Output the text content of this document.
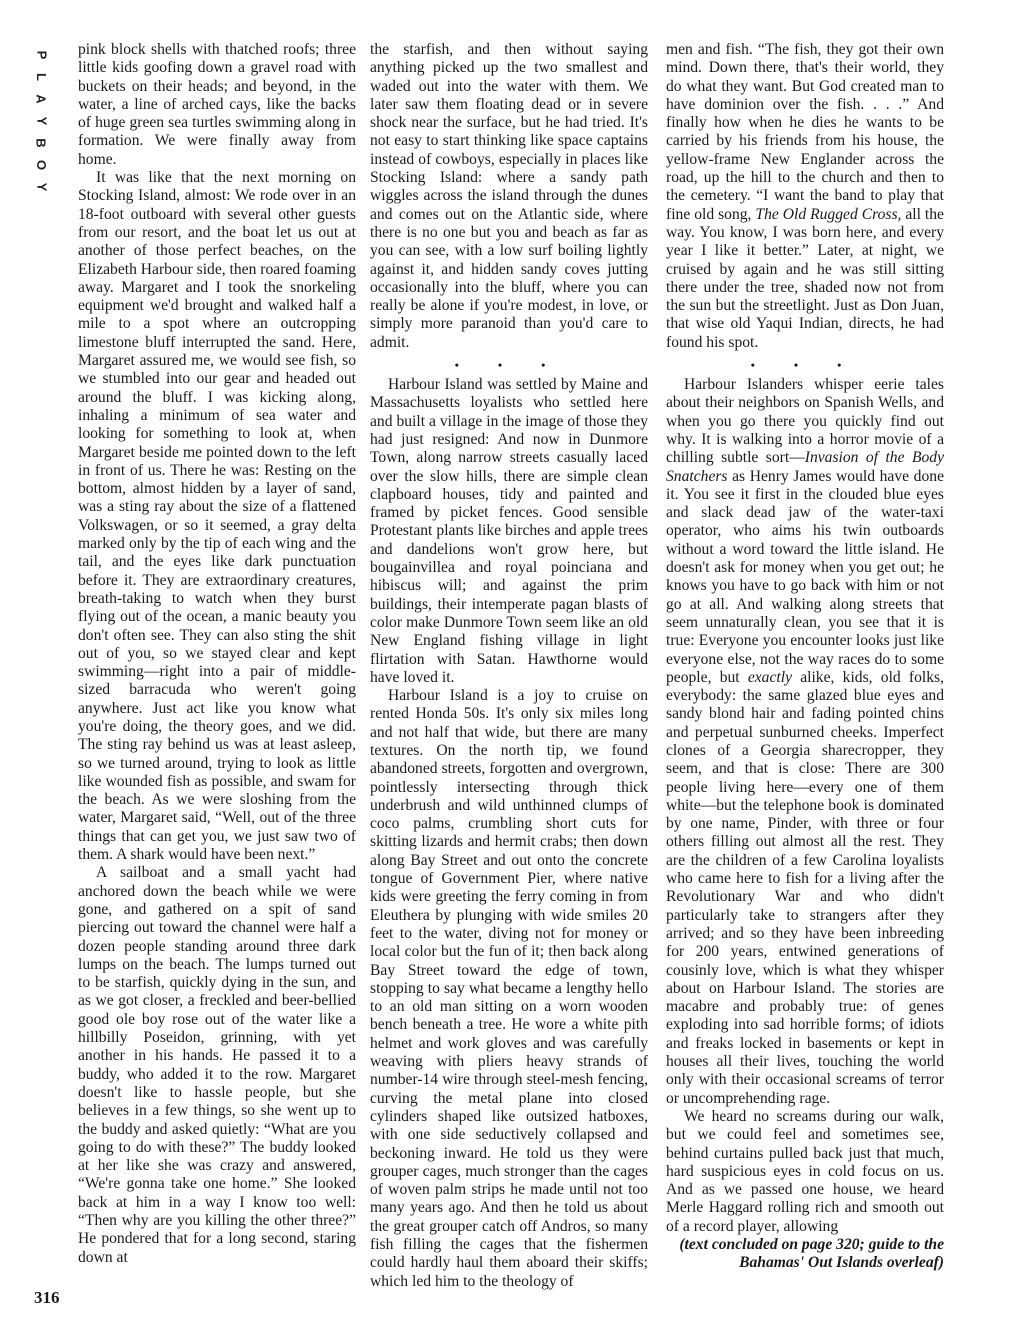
P
L
A
Y
B
O
Y

pink block shells with thatched roofs; three little kids goofing down a gravel road with buckets on their heads; and beyond, in the water, a line of arched cays, like the backs of huge green sea turtles swimming along in formation. We were finally away from home.

It was like that the next morning on Stocking Island, almost: We rode over in an 18-foot outboard with several other guests from our resort, and the boat let us out at another of those perfect beaches, on the Elizabeth Harbour side, then roared foaming away. Margaret and I took the snorkeling equipment we'd brought and walked half a mile to a spot where an outcropping limestone bluff interrupted the sand. Here, Margaret assured me, we would see fish, so we stumbled into our gear and headed out around the bluff. I was kicking along, inhaling a minimum of sea water and looking for something to look at, when Margaret beside me pointed down to the left in front of us. There he was: Resting on the bottom, almost hidden by a layer of sand, was a sting ray about the size of a flattened Volkswagen, or so it seemed, a gray delta marked only by the tip of each wing and the tail, and the eyes like dark punctuation before it. They are extraordinary creatures, breath-taking to watch when they burst flying out of the ocean, a manic beauty you don't often see. They can also sting the shit out of you, so we stayed clear and kept swimming—right into a pair of middle-sized barracuda who weren't going anywhere. Just act like you know what you're doing, the theory goes, and we did. The sting ray behind us was at least asleep, so we turned around, trying to look as little like wounded fish as possible, and swam for the beach. As we were sloshing from the water, Margaret said, “Well, out of the three things that can get you, we just saw two of them. A shark would have been next.”

A sailboat and a small yacht had anchored down the beach while we were gone, and gathered on a spit of sand piercing out toward the channel were half a dozen people standing around three dark lumps on the beach. The lumps turned out to be starfish, quickly dying in the sun, and as we got closer, a freckled and beer-bellied good ole boy rose out of the water like a hillbilly Poseidon, grinning, with yet another in his hands. He passed it to a buddy, who added it to the row. Margaret doesn't like to hassle people, but she believes in a few things, so she went up to the buddy and asked quietly: “What are you going to do with these?” The buddy looked at her like she was crazy and answered, “We're gonna take one home.” She looked back at him in a way I know too well: “Then why are you killing the other three?” He pondered that for a long second, staring down at

the starfish, and then without saying anything picked up the two smallest and waded out into the water with them. We later saw them floating dead or in severe shock near the surface, but he had tried. It's not easy to start thinking like space captains instead of cowboys, especially in places like Stocking Island: where a sandy path wiggles across the island through the dunes and comes out on the Atlantic side, where there is no one but you and beach as far as you can see, with a low surf boiling lightly against it, and hidden sandy coves jutting occasionally into the bluff, where you can really be alone if you're modest, in love, or simply more paranoid than you'd care to admit.

• • •

Harbour Island was settled by Maine and Massachusetts loyalists who settled here and built a village in the image of those they had just resigned: And now in Dunmore Town, along narrow streets casually laced over the slow hills, there are simple clean clapboard houses, tidy and painted and framed by picket fences. Good sensible Protestant plants like birches and apple trees and dandelions won't grow here, but bougainvillea and royal poinciana and hibiscus will; and against the prim buildings, their intemperate pagan blasts of color make Dunmore Town seem like an old New England fishing village in light flirtation with Satan. Hawthorne would have loved it.

Harbour Island is a joy to cruise on rented Honda 50s. It's only six miles long and not half that wide, but there are many textures. On the north tip, we found abandoned streets, forgotten and overgrown, pointlessly intersecting through thick underbrush and wild unthinned clumps of coco palms, crumbling short cuts for skitting lizards and hermit crabs; then down along Bay Street and out onto the concrete tongue of Government Pier, where native kids were greeting the ferry coming in from Eleuthera by plunging with wide smiles 20 feet to the water, diving not for money or local color but the fun of it; then back along Bay Street toward the edge of town, stopping to say what became a lengthy hello to an old man sitting on a worn wooden bench beneath a tree. He wore a white pith helmet and work gloves and was carefully weaving with pliers heavy strands of number-14 wire through steel-mesh fencing, curving the metal plane into closed cylinders shaped like outsized hatboxes, with one side seductively collapsed and beckoning inward. He told us they were grouper cages, much stronger than the cages of woven palm strips he made until not too many years ago. And then he told us about the great grouper catch off Andros, so many fish filling the cages that the fishermen could hardly haul them aboard their skiffs; which led him to the theology of

men and fish. “The fish, they got their own mind. Down there, that's their world, they do what they want. But God created man to have dominion over the fish. . . .” And finally how when he dies he wants to be carried by his friends from his house, the yellow-frame New Englander across the road, up the hill to the church and then to the cemetery. “I want the band to play that fine old song, The Old Rugged Cross, all the way. You know, I was born here, and every year I like it better.” Later, at night, we cruised by again and he was still sitting there under the tree, shaded now not from the sun but the streetlight. Just as Don Juan, that wise old Yaqui Indian, directs, he had found his spot.

• • •

Harbour Islanders whisper eerie tales about their neighbors on Spanish Wells, and when you go there you quickly find out why. It is walking into a horror movie of a chilling subtle sort—Invasion of the Body Snatchers as Henry James would have done it. You see it first in the clouded blue eyes and slack dead jaw of the water-taxi operator, who aims his twin outboards without a word toward the little island. He doesn't ask for money when you get out; he knows you have to go back with him or not go at all. And walking along streets that seem unnaturally clean, you see that it is true: Everyone you encounter looks just like everyone else, not the way races do to some people, but exactly alike, kids, old folks, everybody: the same glazed blue eyes and sandy blond hair and fading pointed chins and perpetual sunburned cheeks. Imperfect clones of a Georgia sharecropper, they seem, and that is close: There are 300 people living here—every one of them white—but the telephone book is dominated by one name, Pinder, with three or four others filling out almost all the rest. They are the children of a few Carolina loyalists who came here to fish for a living after the Revolutionary War and who didn't particularly take to strangers after they arrived; and so they have been inbreeding for 200 years, entwined generations of cousinly love, which is what they whisper about on Harbour Island. The stories are macabre and probably true: of genes exploding into sad horrible forms; of idiots and freaks locked in basements or kept in houses all their lives, touching the world only with their occasional screams of terror or uncomprehending rage.

We heard no screams during our walk, but we could feel and sometimes see, behind curtains pulled back just that much, hard suspicious eyes in cold focus on us. And as we passed one house, we heard Merle Haggard rolling rich and smooth out of a record player, allowing

(text concluded on page 320; guide to the Bahamas' Out Islands overleaf)

316
